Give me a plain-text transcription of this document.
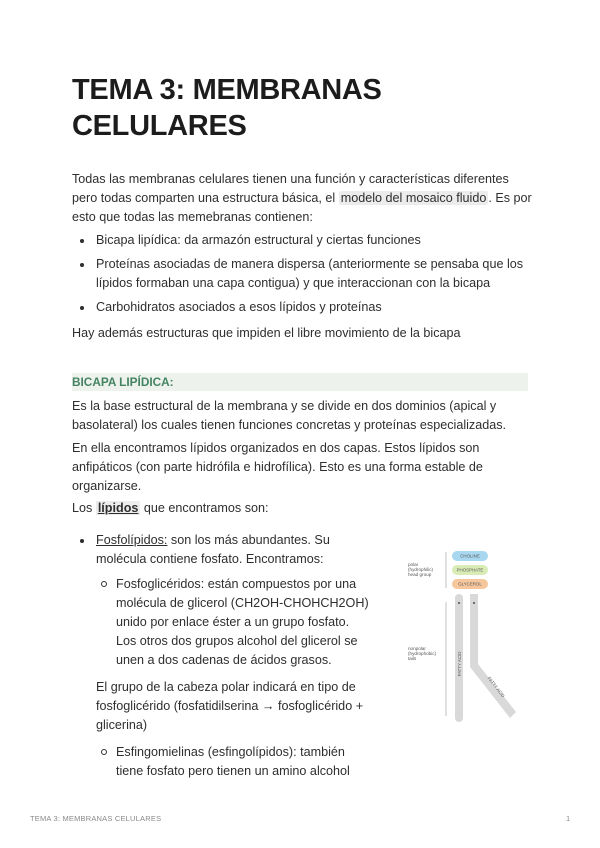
TEMA 3: MEMBRANAS CELULARES

Todas las membranas celulares tienen una función y características diferentes pero todas comparten una estructura básica, el modelo del mosaico fluido . Es por esto que todas las memebranas contienen:

Bicapa lipídica: da armazón estructural y ciertas funciones
Proteínas asociadas de manera dispersa (anteriormente se pensaba que los lípidos formaban una capa contigua) y que interaccionan con la bicapa
Carbohidratos asociados a esos lípidos y proteínas

Hay además estructuras que impiden el libre movimiento de la bicapa

BICAPA LIPÍDICA:

Es la base estructural de la membrana y se divide en dos dominios (apical y basolateral) los cuales tienen funciones concretas y proteínas especializadas.

En ella encontramos lípidos organizados en dos capas. Estos lípidos son anfipáticos (con parte hidrófila e hidrofílica). Esto es una forma estable de organizarse.

Los lípidos que encontramos son:

Fosfolípidos: son los más abundantes. Su molécula contiene fosfato. Encontramos:
Fosfoglicéridos: están compuestos por una molécula de glicerol (CH2OH-CHOHCH2OH) unido por enlace éster a un grupo fosfato. Los otros dos grupos alcohol del glicerol se unen a dos cadenas de ácidos grasos.
El grupo de la cabeza polar indicará en tipo de fosfoglicérido (fosfatidilserina → fosfoglicérido + glicerina)
Esfingomielinas (esfingolípidos): también tiene fosfato pero tienen un amino alcohol
polar (hydrophilic) head group
nonpolar (hydrophobic) tails
CHOLINE
PHOSPHATE
GLYCEROL
FATTY ACID
FATTY ACID
TEMA 3: MEMBRANAS CELULARES	1
